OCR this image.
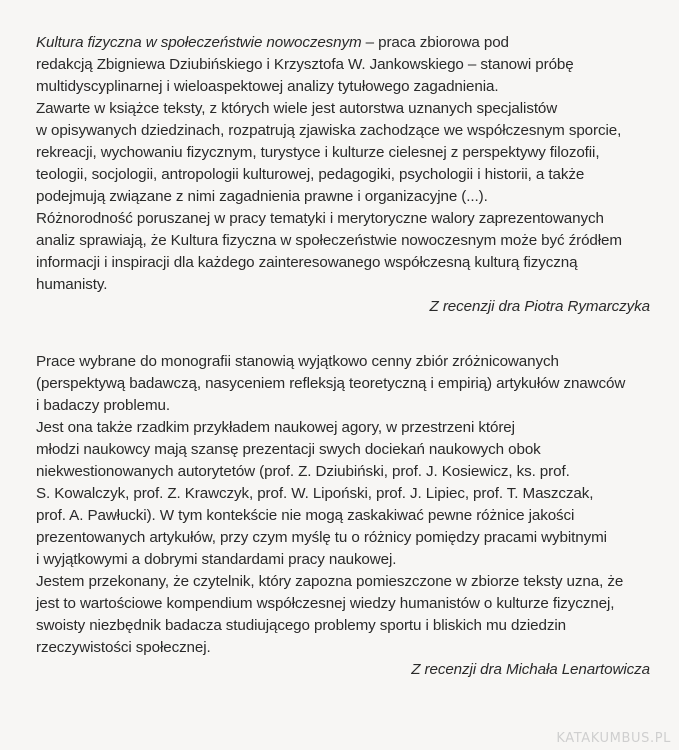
Kultura fizyczna w społeczeństwie nowoczesnym – praca zbiorowa pod
redakcją Zbigniewa Dziubińskiego i Krzysztofa W. Jankowskiego – stanowi próbę
multidyscyplinarnej i wieloaspektowej analizy tytułowego zagadnienia.
Zawarte w książce teksty, z których wiele jest autorstwa uznanych specjalistów
w opisywanych dziedzinach, rozpatrują zjawiska zachodzące we współczesnym sporcie,
rekreacji, wychowaniu fizycznym, turystyce i kulturze cielesnej z perspektywy filozofii,
teologii, socjologii, antropologii kulturowej, pedagogiki, psychologii i historii, a także
podejmują związane z nimi zagadnienia prawne i organizacyjne (...).
Różnorodność poruszanej w pracy tematyki i merytoryczne walory zaprezentowanych
analiz sprawiają, że Kultura fizyczna w społeczeństwie nowoczesnym może być źródłem
informacji i inspiracji dla każdego zainteresowanego współczesną kulturą fizyczną
humanisty.
Z recenzji dra Piotra Rymarczyka
Prace wybrane do monografii stanowią wyjątkowo cenny zbiór zróżnicowanych
(perspektywą badawczą, nasyceniem refleksją teoretyczną i empirią) artykułów znawców
i badaczy problemu.
Jest ona także rzadkim przykładem naukowej agory, w przestrzeni której
młodzi naukowcy mają szansę prezentacji swych dociekań naukowych obok
niekwestionowanych autorytetów (prof. Z. Dziubiński, prof. J. Kosiewicz, ks. prof.
S. Kowalczyk, prof. Z. Krawczyk, prof. W. Lipoński, prof. J. Lipiec, prof. T. Maszczak,
prof. A. Pawłucki). W tym kontekście nie mogą zaskakiwać pewne różnice jakości
prezentowanych artykułów, przy czym myślę tu o różnicy pomiędzy pracami wybitnymi
i wyjątkowymi a dobrymi standardami pracy naukowej.
Jestem przekonany, że czytelnik, który zapozna pomieszczone w zbiorze teksty uzna, że
jest to wartościowe kompendium współczesnej wiedzy humanistów o kulturze fizycznej,
swoisty niezbędnik badacza studiującego problemy sportu i bliskich mu dziedzin
rzeczywistości społecznej.
Z recenzji dra Michała Lenartowicza
KATAKUMBUS.PL
